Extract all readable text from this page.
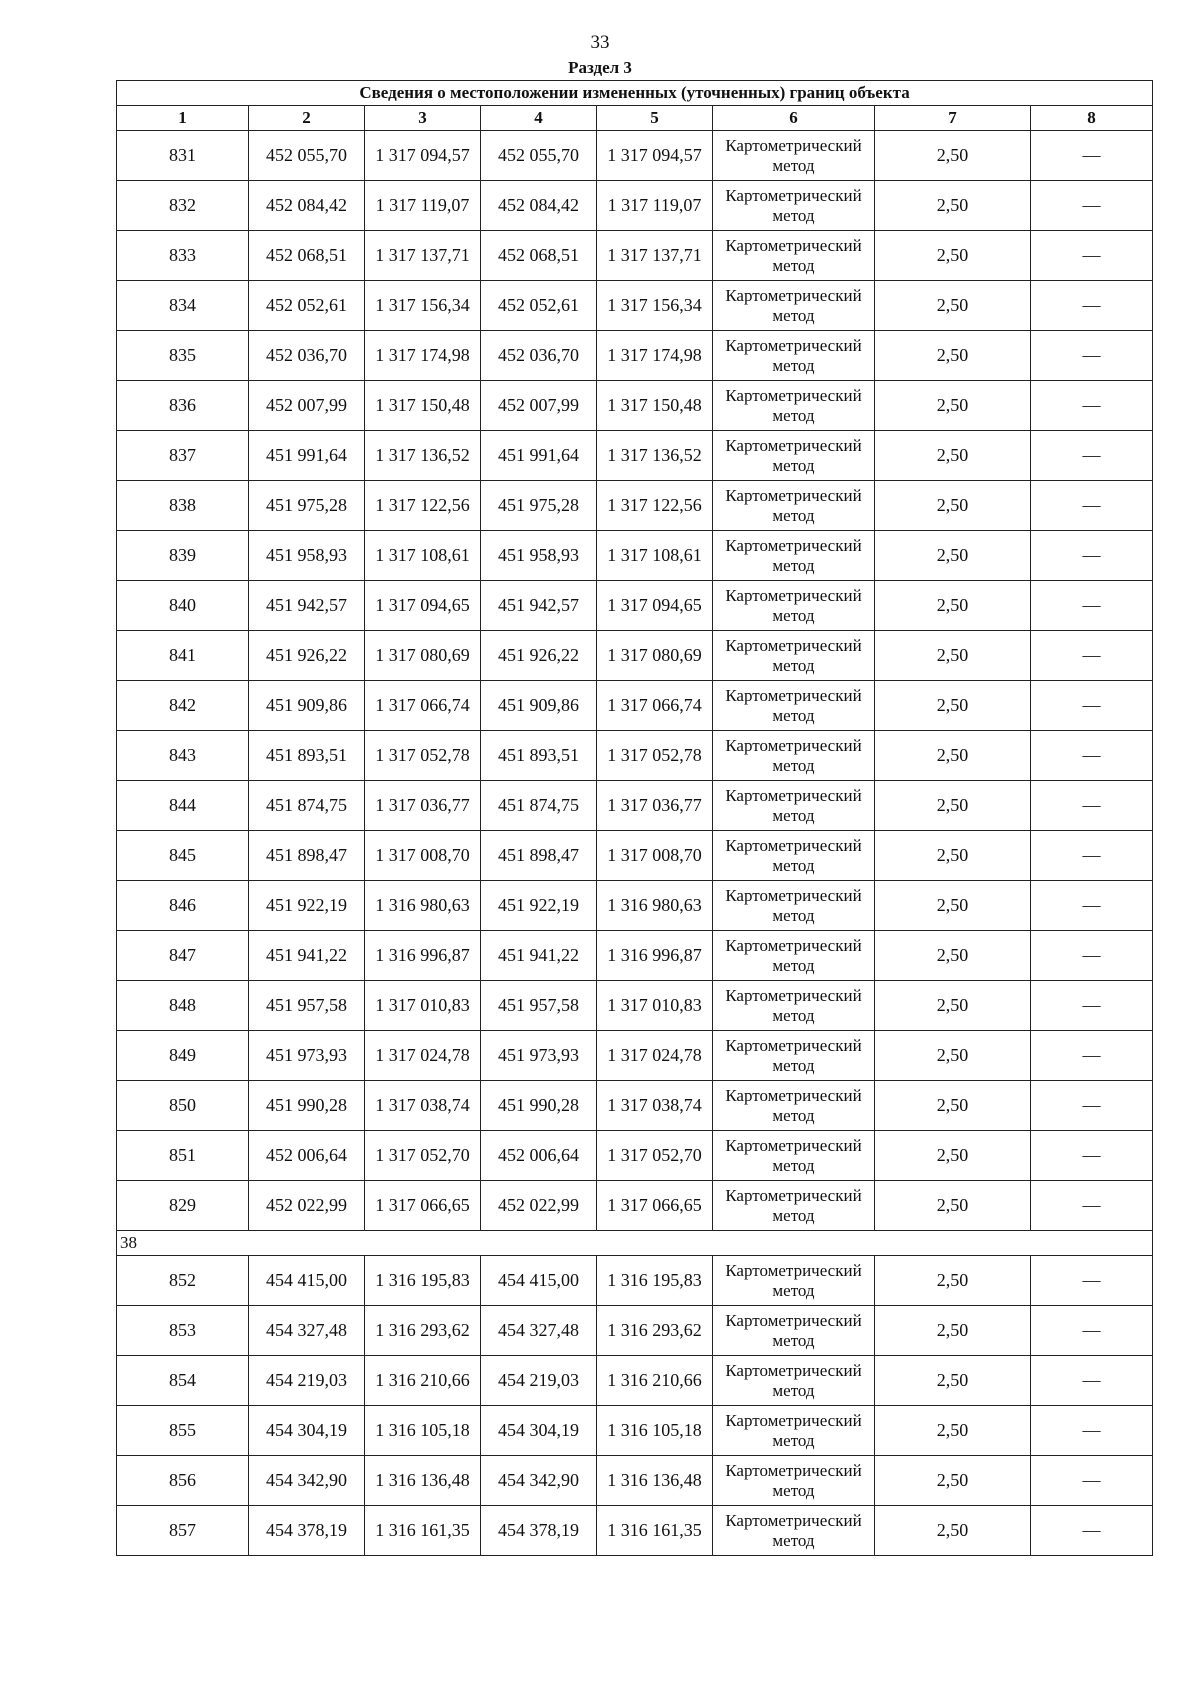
33
Раздел 3
Сведения о местоположении измененных (уточненных) границ объекта							
1	2	3	4	5	6	7	8
831	452 055,70	1 317 094,57	452 055,70	1 317 094,57	Картометрический метод	2,50	—
832	452 084,42	1 317 119,07	452 084,42	1 317 119,07	Картометрический метод	2,50	—
833	452 068,51	1 317 137,71	452 068,51	1 317 137,71	Картометрический метод	2,50	—
834	452 052,61	1 317 156,34	452 052,61	1 317 156,34	Картометрический метод	2,50	—
835	452 036,70	1 317 174,98	452 036,70	1 317 174,98	Картометрический метод	2,50	—
836	452 007,99	1 317 150,48	452 007,99	1 317 150,48	Картометрический метод	2,50	—
837	451 991,64	1 317 136,52	451 991,64	1 317 136,52	Картометрический метод	2,50	—
838	451 975,28	1 317 122,56	451 975,28	1 317 122,56	Картометрический метод	2,50	—
839	451 958,93	1 317 108,61	451 958,93	1 317 108,61	Картометрический метод	2,50	—
840	451 942,57	1 317 094,65	451 942,57	1 317 094,65	Картометрический метод	2,50	—
841	451 926,22	1 317 080,69	451 926,22	1 317 080,69	Картометрический метод	2,50	—
842	451 909,86	1 317 066,74	451 909,86	1 317 066,74	Картометрический метод	2,50	—
843	451 893,51	1 317 052,78	451 893,51	1 317 052,78	Картометрический метод	2,50	—
844	451 874,75	1 317 036,77	451 874,75	1 317 036,77	Картометрический метод	2,50	—
845	451 898,47	1 317 008,70	451 898,47	1 317 008,70	Картометрический метод	2,50	—
846	451 922,19	1 316 980,63	451 922,19	1 316 980,63	Картометрический метод	2,50	—
847	451 941,22	1 316 996,87	451 941,22	1 316 996,87	Картометрический метод	2,50	—
848	451 957,58	1 317 010,83	451 957,58	1 317 010,83	Картометрический метод	2,50	—
849	451 973,93	1 317 024,78	451 973,93	1 317 024,78	Картометрический метод	2,50	—
850	451 990,28	1 317 038,74	451 990,28	1 317 038,74	Картометрический метод	2,50	—
851	452 006,64	1 317 052,70	452 006,64	1 317 052,70	Картометрический метод	2,50	—
829	452 022,99	1 317 066,65	452 022,99	1 317 066,65	Картометрический метод	2,50	—
38							
852	454 415,00	1 316 195,83	454 415,00	1 316 195,83	Картометрический метод	2,50	—
853	454 327,48	1 316 293,62	454 327,48	1 316 293,62	Картометрический метод	2,50	—
854	454 219,03	1 316 210,66	454 219,03	1 316 210,66	Картометрический метод	2,50	—
855	454 304,19	1 316 105,18	454 304,19	1 316 105,18	Картометрический метод	2,50	—
856	454 342,90	1 316 136,48	454 342,90	1 316 136,48	Картометрический метод	2,50	—
857	454 378,19	1 316 161,35	454 378,19	1 316 161,35	Картометрический метод	2,50	—
